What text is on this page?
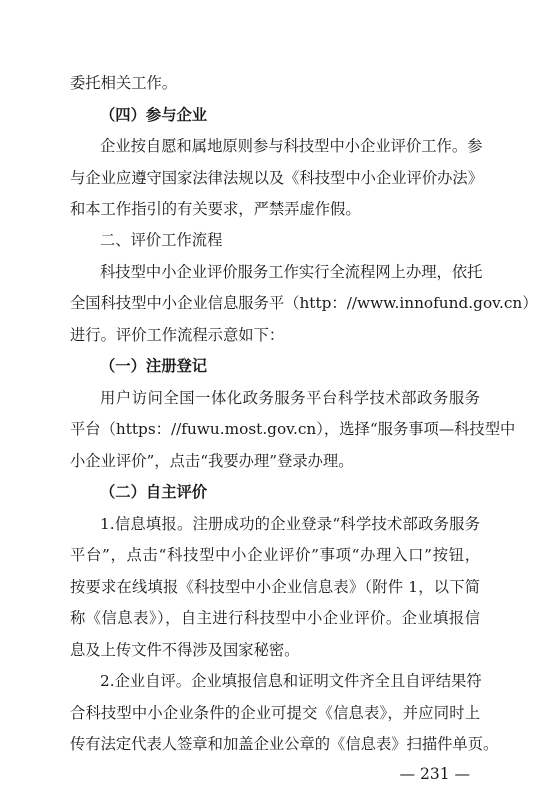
委托相关工作。
（四）参与企业
企业按自愿和属地原则参与科技型中小企业评价工作。参
与企业应遵守国家法律法规以及《科技型中小企业评价办法》
和本工作指引的有关要求，严禁弄虚作假。
二、评价工作流程
科技型中小企业评价服务工作实行全流程网上办理，依托
全国科技型中小企业信息服务平（http：//www.innofund.gov.cn）
进行。评价工作流程示意如下：
（一）注册登记
用户访问全国一体化政务服务平台科学技术部政务服务
平台（https：//fuwu.most.gov.cn），选择“服务事项—科技型中
小企业评价”，点击“我要办理”登录办理。
（二）自主评价
1.信息填报。注册成功的企业登录“科学技术部政务服务
平台”，点击“科技型中小企业评价”事项“办理入口”按钮，
按要求在线填报《科技型中小企业信息表》（附件 1，以下简
称《信息表》），自主进行科技型中小企业评价。企业填报信
息及上传文件不得涉及国家秘密。
2.企业自评。企业填报信息和证明文件齐全且自评结果符
合科技型中小企业条件的企业可提交《信息表》，并应同时上
传有法定代表人签章和加盖企业公章的《信息表》扫描件单页。
— 231 —
